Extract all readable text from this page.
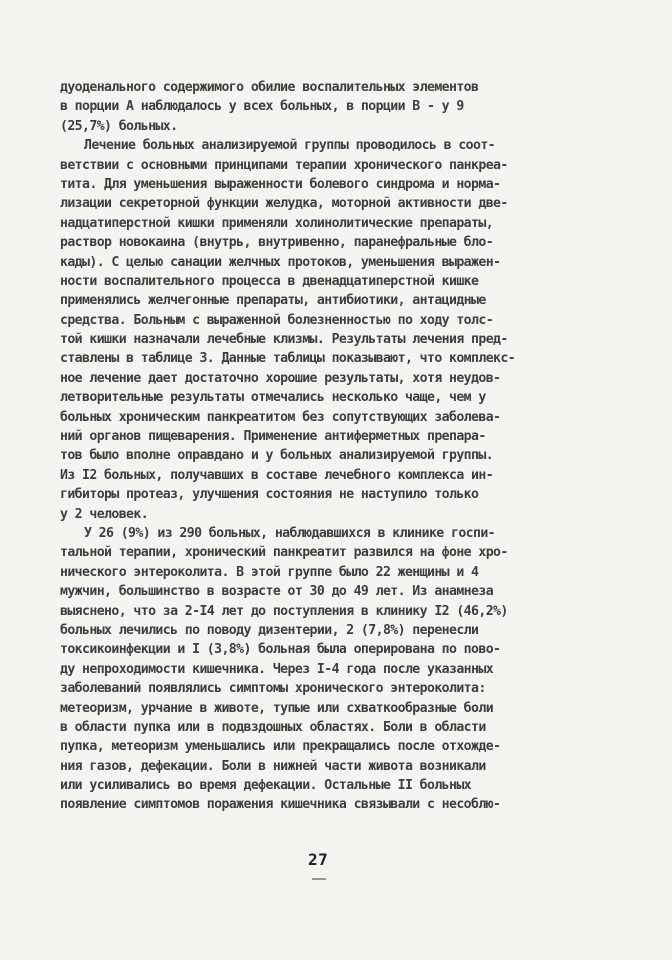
дуоденального содержимого обилие воспалительных элементов
в порции А наблюдалось у всех больных, в порции В - у 9
(25,7%) больных.
Лечение больных анализируемой группы проводилось в соот-
ветствии с основными принципами терапии хронического панкреа-
тита. Для уменьшения выраженности болевого синдрома и норма-
лизации секреторной функции желудка, моторной активности две-
надцатиперстной кишки применяли холинолитические препараты,
раствор новокаина (внутрь, внутривенно, паранефральные бло-
кады). С целью санации желчных протоков, уменьшения выражен-
ности воспалительного процесса в двенадцатиперстной кишке
применялись желчегонные препараты, антибиотики, антацидные
средства. Больным с выраженной болезненностью по ходу толс-
той кишки назначали лечебные клизмы. Результаты лечения пред-
ставлены в таблице 3. Данные таблицы показывают, что комплекс-
ное лечение дает достаточно хорошие результаты, хотя неудов-
летворительные результаты отмечались несколько чаще, чем у
больных хроническим панкреатитом без сопутствующих заболева-
ний органов пищеварения. Применение антиферметных препара-
тов было вполне оправдано и у больных анализируемой группы.
Из I2 больных, получавших в составе лечебного комплекса ин-
гибиторы протеаз, улучшения состояния не наступило только
у 2 человек.
У 26 (9%) из 290 больных, наблюдавшихся в клинике госпи-
тальной терапии, хронический панкреатит развился на фоне хро-
нического энтероколита. В этой группе было 22 женщины и 4
мужчин, большинство в возрасте от 30 до 49 лет. Из анамнеза
выяснено, что за 2-I4 лет до поступления в клинику I2 (46,2%)
больных лечились по поводу дизентерии, 2 (7,8%) перенесли
токсикоинфекции и I (3,8%) больная была оперирована по пово-
ду непроходимости кишечника. Через I-4 года после указанных
заболеваний появлялись симптомы хронического энтероколита:
метеоризм, урчание в животе, тупые или схваткообразные боли
в области пупка или в подвздошных областях. Боли в области
пупка, метеоризм уменьшались или прекращались после отхожде-
ния газов, дефекации. Боли в нижней части живота возникали
или усиливались во время дефекации. Остальные II больных
появление симптомов поражения кишечника связывали с несоблю-
27
